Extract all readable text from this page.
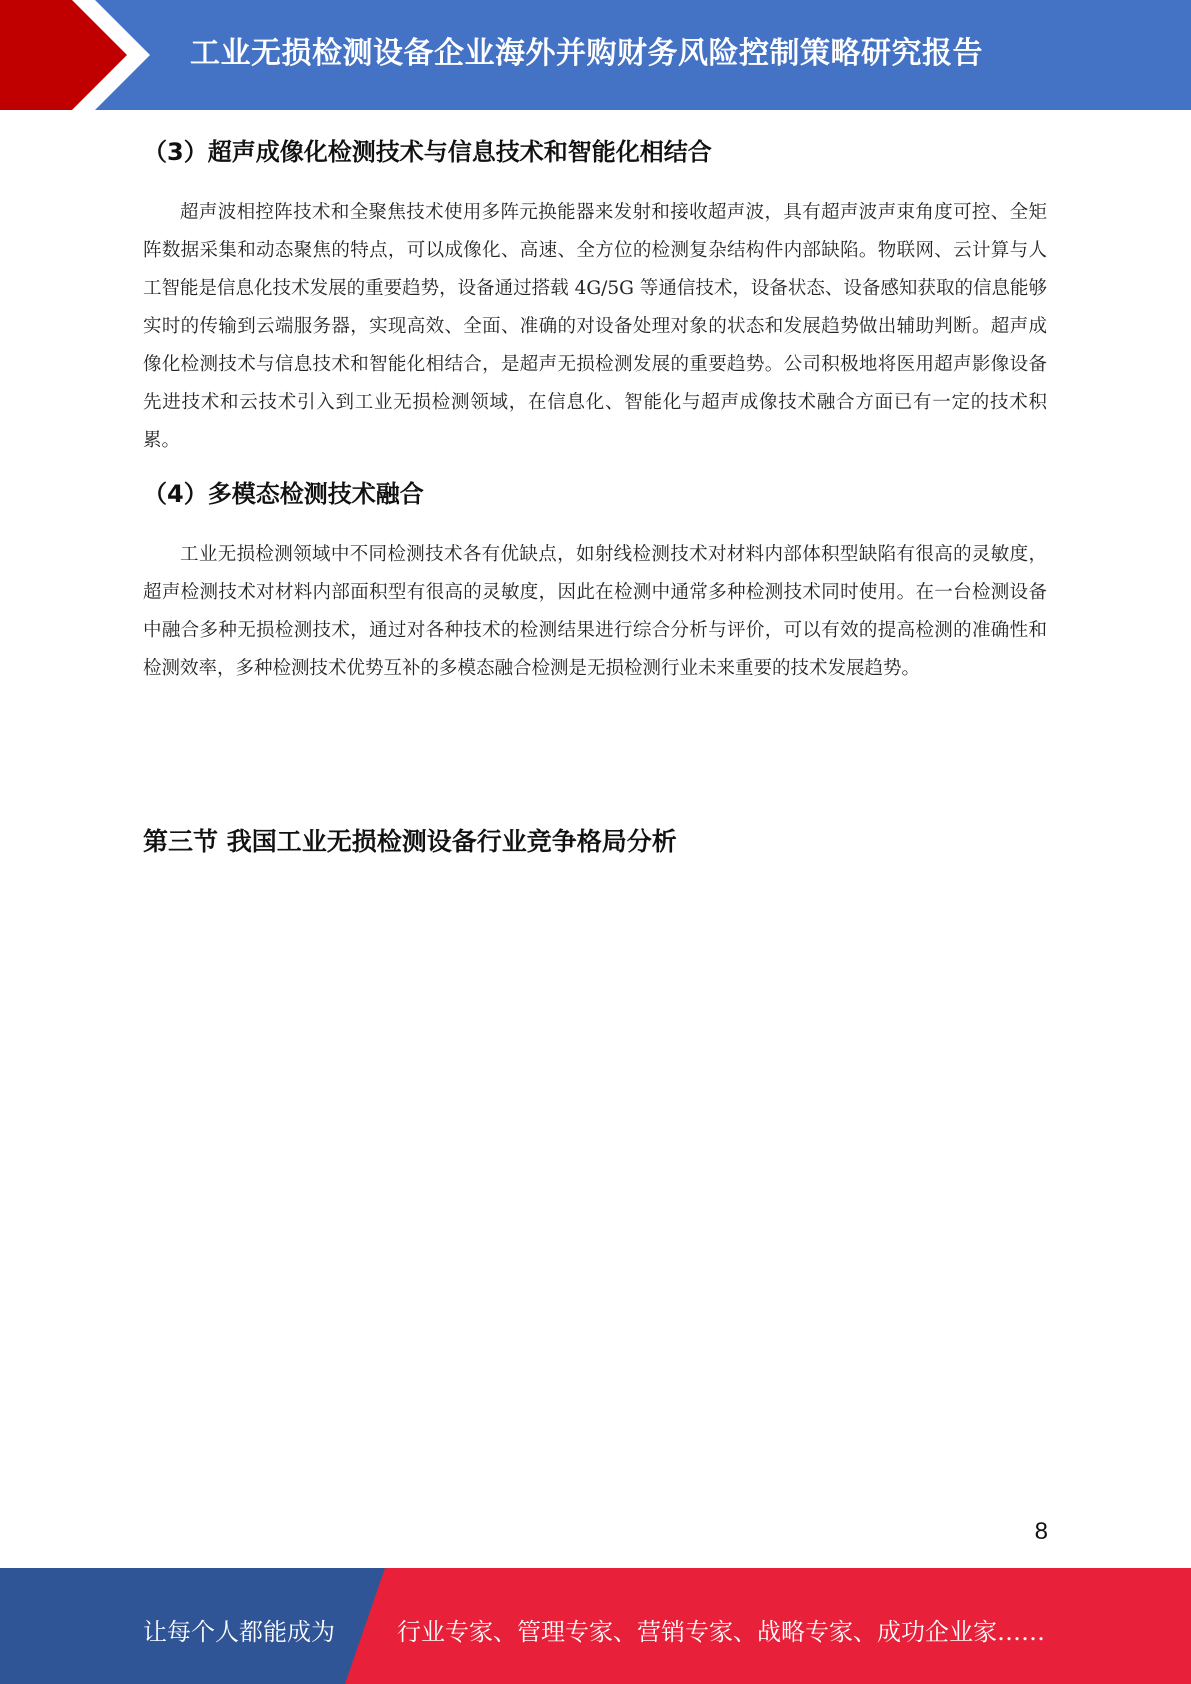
工业无损检测设备企业海外并购财务风险控制策略研究报告
（3）超声成像化检测技术与信息技术和智能化相结合

超声波相控阵技术和全聚焦技术使用多阵元换能器来发射和接收超声波，具有超声波声束角度可控、全矩阵数据采集和动态聚焦的特点，可以成像化、高速、全方位的检测复杂结构件内部缺陷。物联网、云计算与人工智能是信息化技术发展的重要趋势，设备通过搭载 4G/5G 等通信技术，设备状态、设备感知获取的信息能够实时的传输到云端服务器，实现高效、全面、准确的对设备处理对象的状态和发展趋势做出辅助判断。超声成像化检测技术与信息技术和智能化相结合，是超声无损检测发展的重要趋势。公司积极地将医用超声影像设备先进技术和云技术引入到工业无损检测领域，在信息化、智能化与超声成像技术融合方面已有一定的技术积累。

（4）多模态检测技术融合

工业无损检测领域中不同检测技术各有优缺点，如射线检测技术对材料内部体积型缺陷有很高的灵敏度，超声检测技术对材料内部面积型有很高的灵敏度，因此在检测中通常多种检测技术同时使用。在一台检测设备中融合多种无损检测技术，通过对各种技术的检测结果进行综合分析与评价，可以有效的提高检测的准确性和检测效率，多种检测技术优势互补的多模态融合检测是无损检测行业未来重要的技术发展趋势。

第三节 我国工业无损检测设备行业竞争格局分析
8
让每个人都能成为	行业专家、管理专家、营销专家、战略专家、成功企业家……
